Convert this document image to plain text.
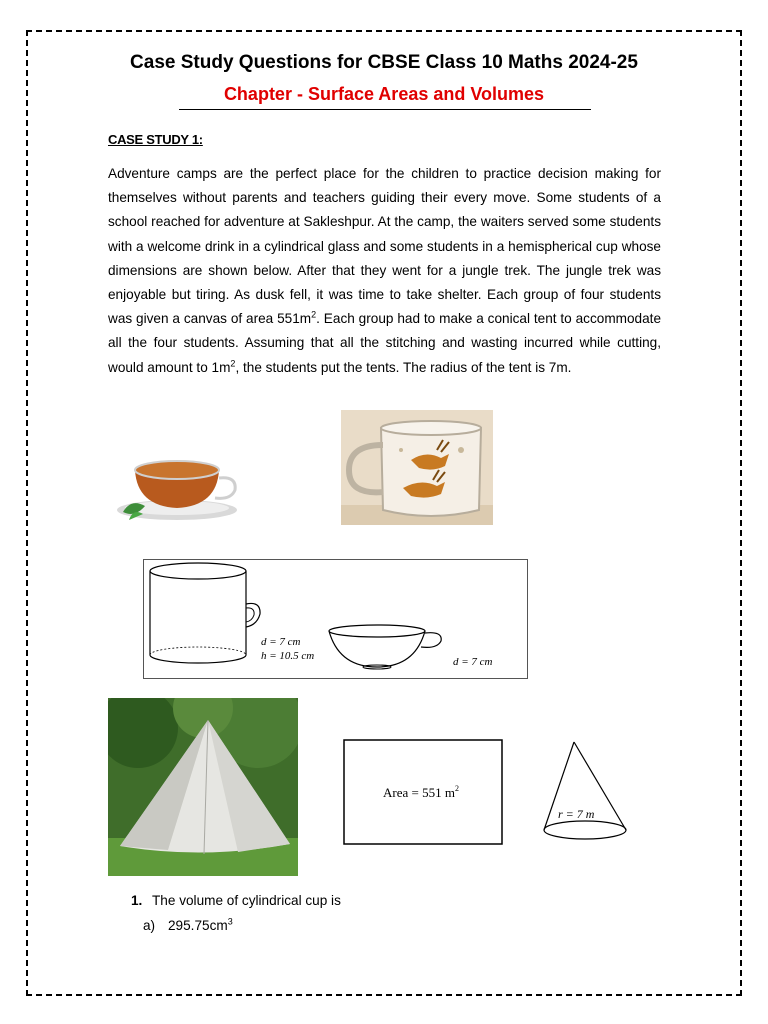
Case Study Questions for CBSE Class 10 Maths 2024-25
Chapter - Surface Areas and Volumes
CASE STUDY 1:

Adventure camps are the perfect place for the children to practice decision making for themselves without parents and teachers guiding their every move. Some students of a school reached for adventure at Sakleshpur. At the camp, the waiters served some students with a welcome drink in a cylindrical glass and some students in a hemispherical cup whose dimensions are shown below. After that they went for a jungle trek. The jungle trek was enjoyable but tiring. As dusk fell, it was time to take shelter. Each group of four students was given a canvas of area $551m^2$. Each group had to make a conical tent to accommodate all the four students. Assuming that all the stitching and wasting incurred while cutting, would amount to $1m^2$, the students put the tents. The radius of the tent is 7m.

d = 7 cm
h = 10.5 cm	d = 7 cm
Area = 551 $m^2$
r = 7 m
1. The volume of cylindrical cup is
a) $295.75cm^3$
